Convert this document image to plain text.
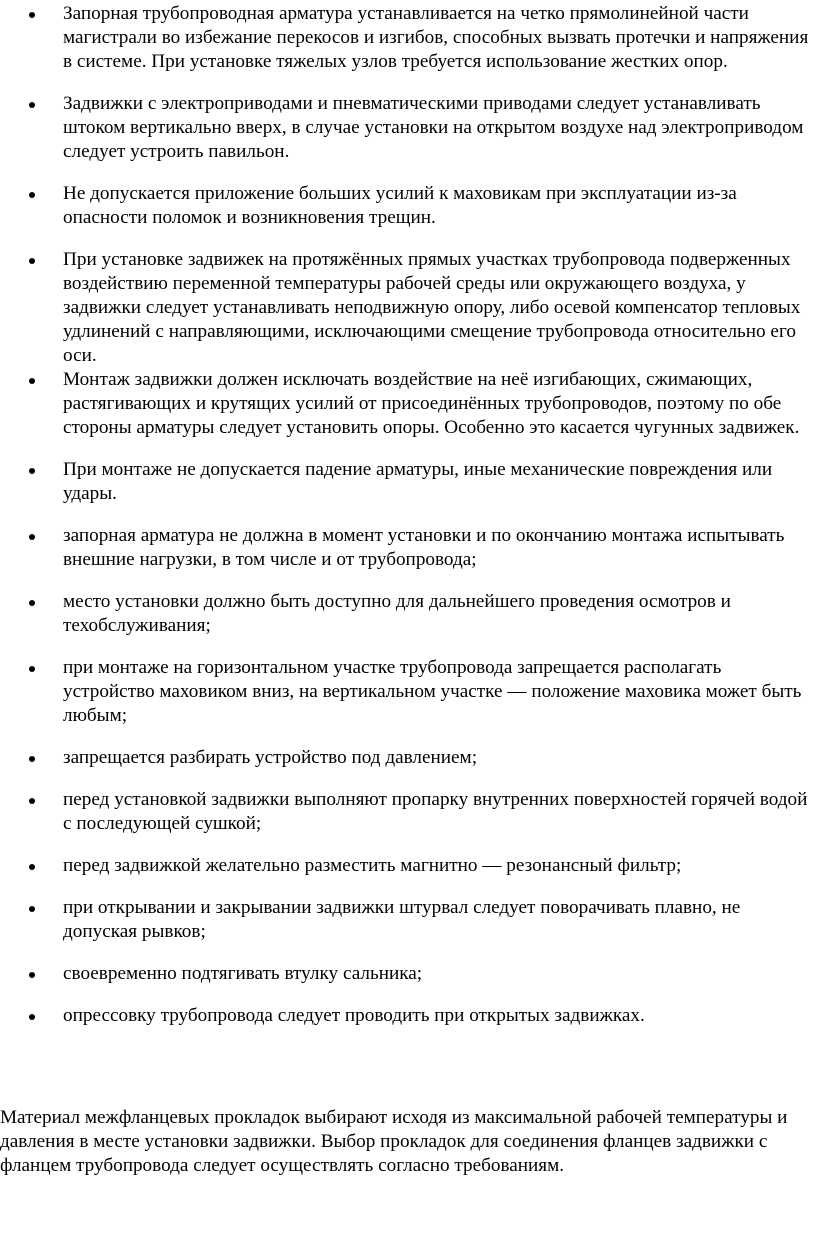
Запорная трубопроводная арматура устанавливается на четко прямолинейной части магистрали во избежание перекосов и изгибов, способных вызвать протечки и напряжения в системе. При установке тяжелых узлов требуется использование жестких опор.
Задвижки с электроприводами и пневматическими приводами следует устанавливать штоком вертикально вверх, в случае установки на открытом воздухе над электроприводом следует устроить павильон.
Не допускается приложение больших усилий к маховикам при эксплуатации из-за опасности поломок и возникновения трещин.
При установке задвижек на протяжённых прямых участках трубопровода подверженных воздействию переменной температуры рабочей среды или окружающего воздуха, у задвижки следует устанавливать неподвижную опору, либо осевой компенсатор тепловых удлинений с направляющими, исключающими смещение трубопровода относительно его оси.
Монтаж задвижки должен исключать воздействие на неё изгибающих, сжимающих, растягивающих и крутящих усилий от присоединённых трубопроводов, поэтому по обе стороны арматуры следует установить опоры. Особенно это касается чугунных задвижек.
При монтаже не допускается падение арматуры, иные механические повреждения или удары.
запорная арматура не должна в момент установки и по окончанию монтажа испытывать внешние нагрузки, в том числе и от трубопровода;
место установки должно быть доступно для дальнейшего проведения осмотров и техобслуживания;
при монтаже на горизонтальном участке трубопровода запрещается располагать устройство маховиком вниз, на вертикальном участке — положение маховика может быть любым;
запрещается разбирать устройство под давлением;
перед установкой задвижки выполняют пропарку внутренних поверхностей горячей водой с последующей сушкой;
перед задвижкой желательно разместить магнитно — резонансный фильтр;
при открывании и закрывании задвижки штурвал следует поворачивать плавно, не допуская рывков;
своевременно подтягивать втулку сальника;
опрессовку трубопровода следует проводить при открытых задвижках.

Материал межфланцевых прокладок выбирают исходя из максимальной рабочей температуры и давления в месте установки задвижки. Выбор прокладок для соединения фланцев задвижки с фланцем трубопровода следует осуществлять согласно требованиям.
